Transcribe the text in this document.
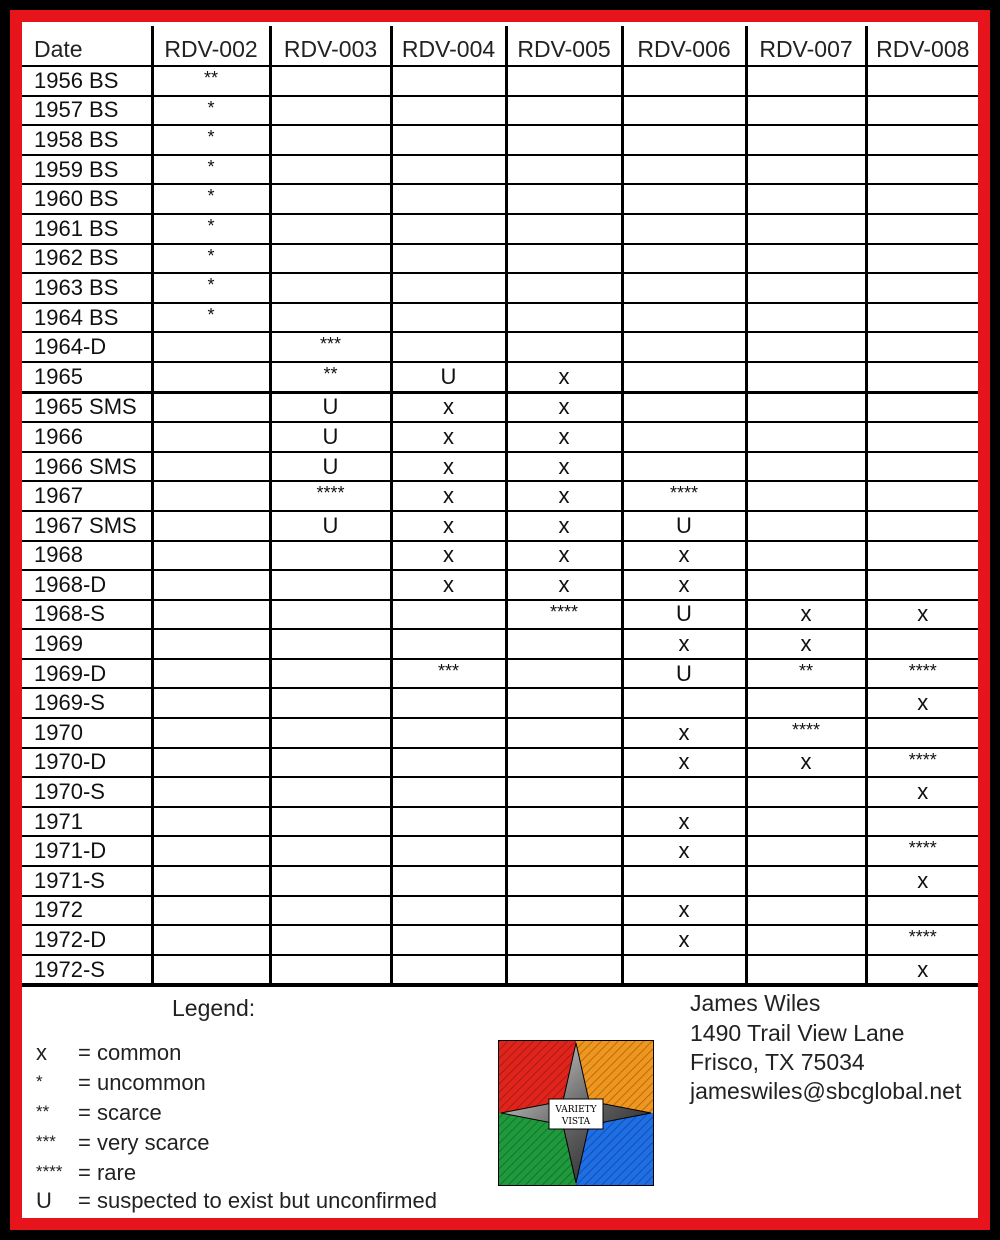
Date	RDV-002	RDV-003	RDV-004	RDV-005	RDV-006	RDV-007	RDV-008
1956 BS	**						
1957 BS	*						
1958 BS	*						
1959 BS	*						
1960 BS	*						
1961 BS	*						
1962 BS	*						
1963 BS	*						
1964 BS	*						
1964-D		***					
1965		**	U	x			
1965 SMS		U	x	x			
1966		U	x	x			
1966 SMS		U	x	x			
1967		****	x	x	****		
1967 SMS		U	x	x	U		
1968			x	x	x		
1968-D			x	x	x		
1968-S				****	U	x	x
1969					x	x	
1969-D			***		U	**	****
1969-S							x
1970					x	****	
1970-D					x	x	****
1970-S							x
1971					x		
1971-D					x		****
1971-S							x
1972					x		
1972-D					x		****
1972-S							x
Legend:
x = common
* = uncommon
** = scarce
*** = very scarce
**** = rare
U = suspected to exist but unconfirmed
James Wiles
1490 Trail View Lane
Frisco, TX 75034
jameswiles@sbcglobal.net
VARIETY
VISTA
